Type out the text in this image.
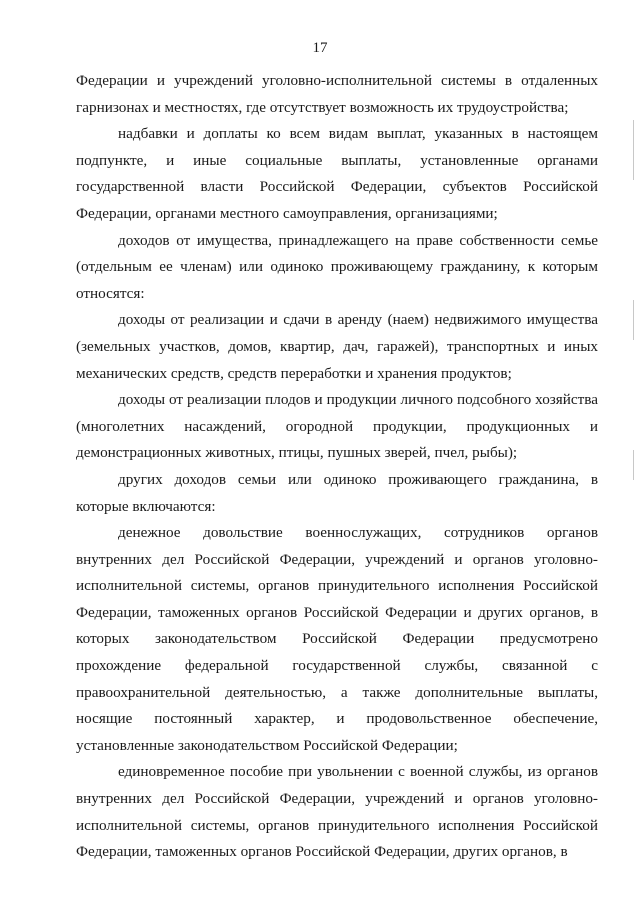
17

Федерации и учреждений уголовно-исполнительной системы в отдаленных гарнизонах и местностях, где отсутствует возможность их трудоустройства;

надбавки и доплаты ко всем видам выплат, указанных в настоящем подпункте, и иные социальные выплаты, установленные органами государственной власти Российской Федерации, субъектов Российской Федерации, органами местного самоуправления, организациями;

доходов от имущества, принадлежащего на праве собственности семье (отдельным ее членам) или одиноко проживающему гражданину, к которым относятся:

доходы от реализации и сдачи в аренду (наем) недвижимого имущества (земельных участков, домов, квартир, дач, гаражей), транспортных и иных механических средств, средств переработки и хранения продуктов;

доходы от реализации плодов и продукции личного подсобного хозяйства (многолетних насаждений, огородной продукции, продукционных и демонстрационных животных, птицы, пушных зверей, пчел, рыбы);

других доходов семьи или одиноко проживающего гражданина, в которые включаются:

денежное довольствие военнослужащих, сотрудников органов внутренних дел Российской Федерации, учреждений и органов уголовно-исполнительной системы, органов принудительного исполнения Российской Федерации, таможенных органов Российской Федерации и других органов, в которых законодательством Российской Федерации предусмотрено прохождение федеральной государственной службы, связанной с правоохранительной деятельностью, а также дополнительные выплаты, носящие постоянный характер, и продовольственное обеспечение, установленные законодательством Российской Федерации;

единовременное пособие при увольнении с военной службы, из органов внутренних дел Российской Федерации, учреждений и органов уголовно-исполнительной системы, органов принудительного исполнения Российской Федерации, таможенных органов Российской Федерации, других органов, в
